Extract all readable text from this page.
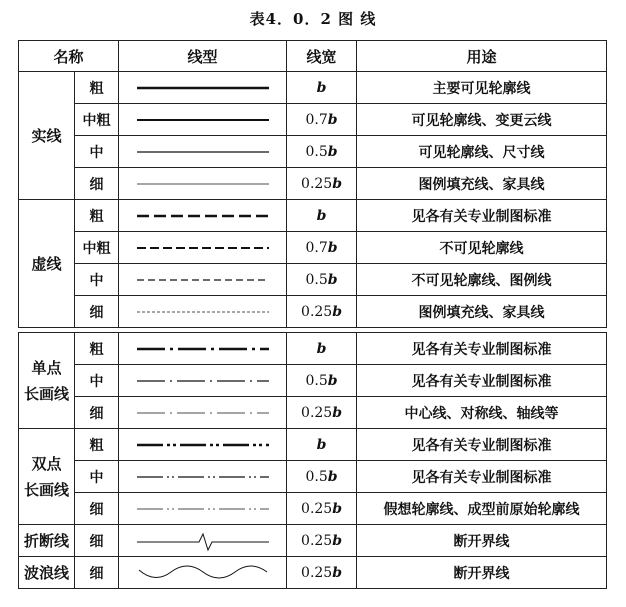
表4．0．2 图 线
名称		线型	线宽	用途
实线	粗		b	主要可见轮廓线
	中粗		0.7b	可见轮廓线、变更云线
	中		0.5b	可见轮廓线、尺寸线
	细		0.25b	图例填充线、家具线
虚线	粗		b	见各有关专业制图标准
	中粗		0.7b	不可见轮廓线
	中		0.5b	不可见轮廓线、图例线
	细		0.25b	图例填充线、家具线

单点
长画线	粗		b	见各有关专业制图标准
	中		0.5b	见各有关专业制图标准
	细		0.25b	中心线、对称线、轴线等

双点
长画线	粗		b	见各有关专业制图标准
	中		0.5b	见各有关专业制图标准
	细		0.25b	假想轮廓线、成型前原始轮廓线
折断线	细		0.25b	断开界线
波浪线	细		0.25b	断开界线
